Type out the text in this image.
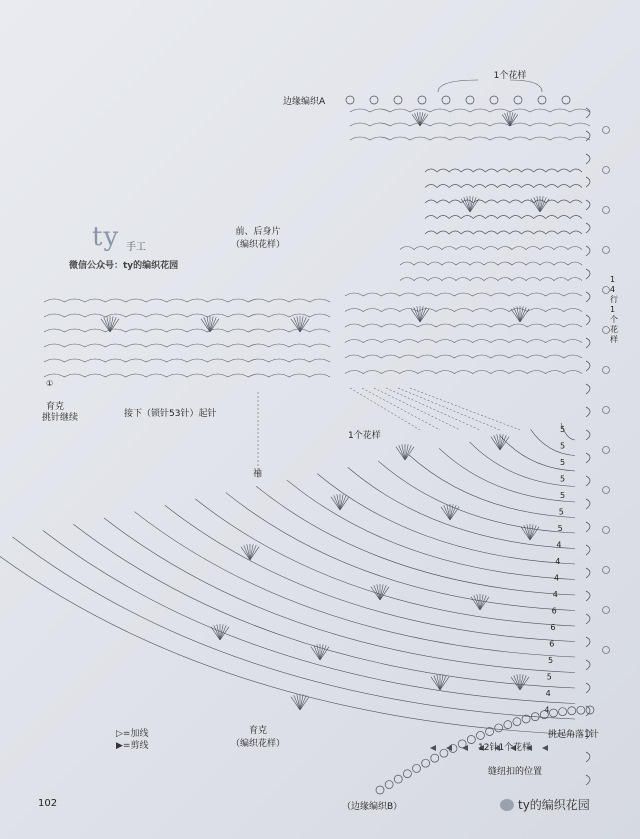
①
5
5
5
5
5
5
5
4
4
4
4
6
6
6
5
5
4
4
1个花样
边缘编织A
前、后身片
（编织花样）
ty 手工
微信公众号：ty的编织花园
14行1个花样
育克
挑针继续	接下（锁针53针）起针
1个花样
袖
育克
（编织花样）
▷=加线
▶=剪线	12针1个花样
挑起角落1针
缝纽扣的位置
（边缘编织B）
102	ty的编织花园
